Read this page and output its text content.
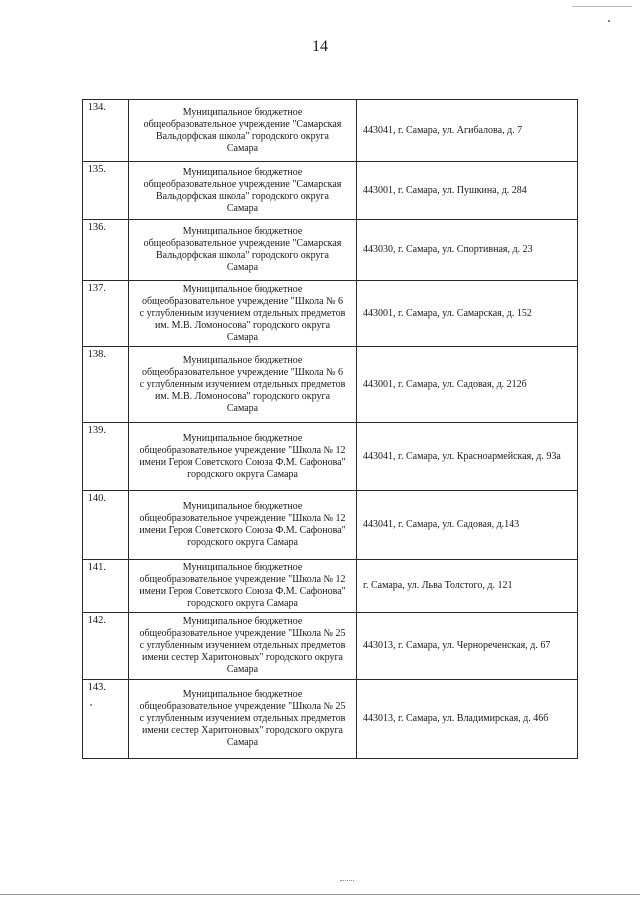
14
134.	Муниципальное бюджетное
общеобразовательное учреждение "Самарская
Вальдорфская школа" городского округа
Самара	443041, г. Самара, ул. Агибалова, д. 7
135.	Муниципальное бюджетное
общеобразовательное учреждение "Самарская
Вальдорфская школа" городского округа
Самара	443001, г. Самара, ул. Пушкина, д. 284
136.	Муниципальное бюджетное
общеобразовательное учреждение "Самарская
Вальдорфская школа" городского округа
Самара	443030, г. Самара, ул. Спортивная, д. 23
137.	Муниципальное бюджетное
общеобразовательное учреждение "Школа № 6
с углубленным изучением отдельных предметов
им. М.В. Ломоносова" городского округа
Самара	443001, г. Самара, ул. Самарская, д. 152
138.	Муниципальное бюджетное
общеобразовательное учреждение "Школа № 6
с углубленным изучением отдельных предметов
им. М.В. Ломоносова" городского округа
Самара	443001, г. Самара, ул. Садовая, д. 212б
139.	Муниципальное бюджетное
общеобразовательное учреждение "Школа № 12
имени Героя Советского Союза Ф.М. Сафонова"
городского округа Самара	443041, г. Самара, ул. Красноармейская, д. 93а
140.	Муниципальное бюджетное
общеобразовательное учреждение "Школа № 12
имени Героя Советского Союза Ф.М. Сафонова"
городского округа Самара	443041, г. Самара, ул. Садовая, д.143
141.	Муниципальное бюджетное
общеобразовательное учреждение "Школа № 12
имени Героя Советского Союза Ф.М. Сафонова"
городского округа Самара	г. Самара, ул. Льва Толстого, д. 121
142.	Муниципальное бюджетное
общеобразовательное учреждение "Школа № 25
с углубленным изучением отдельных предметов
имени сестер Харитоновых" городского округа
Самара	443013, г. Самара, ул. Чернореченская, д. 67
143.	Муниципальное бюджетное
общеобразовательное учреждение "Школа № 25
с углубленным изучением отдельных предметов
имени сестер Харитоновых" городского округа
Самара	443013, г. Самара, ул. Владимирская, д. 46б
